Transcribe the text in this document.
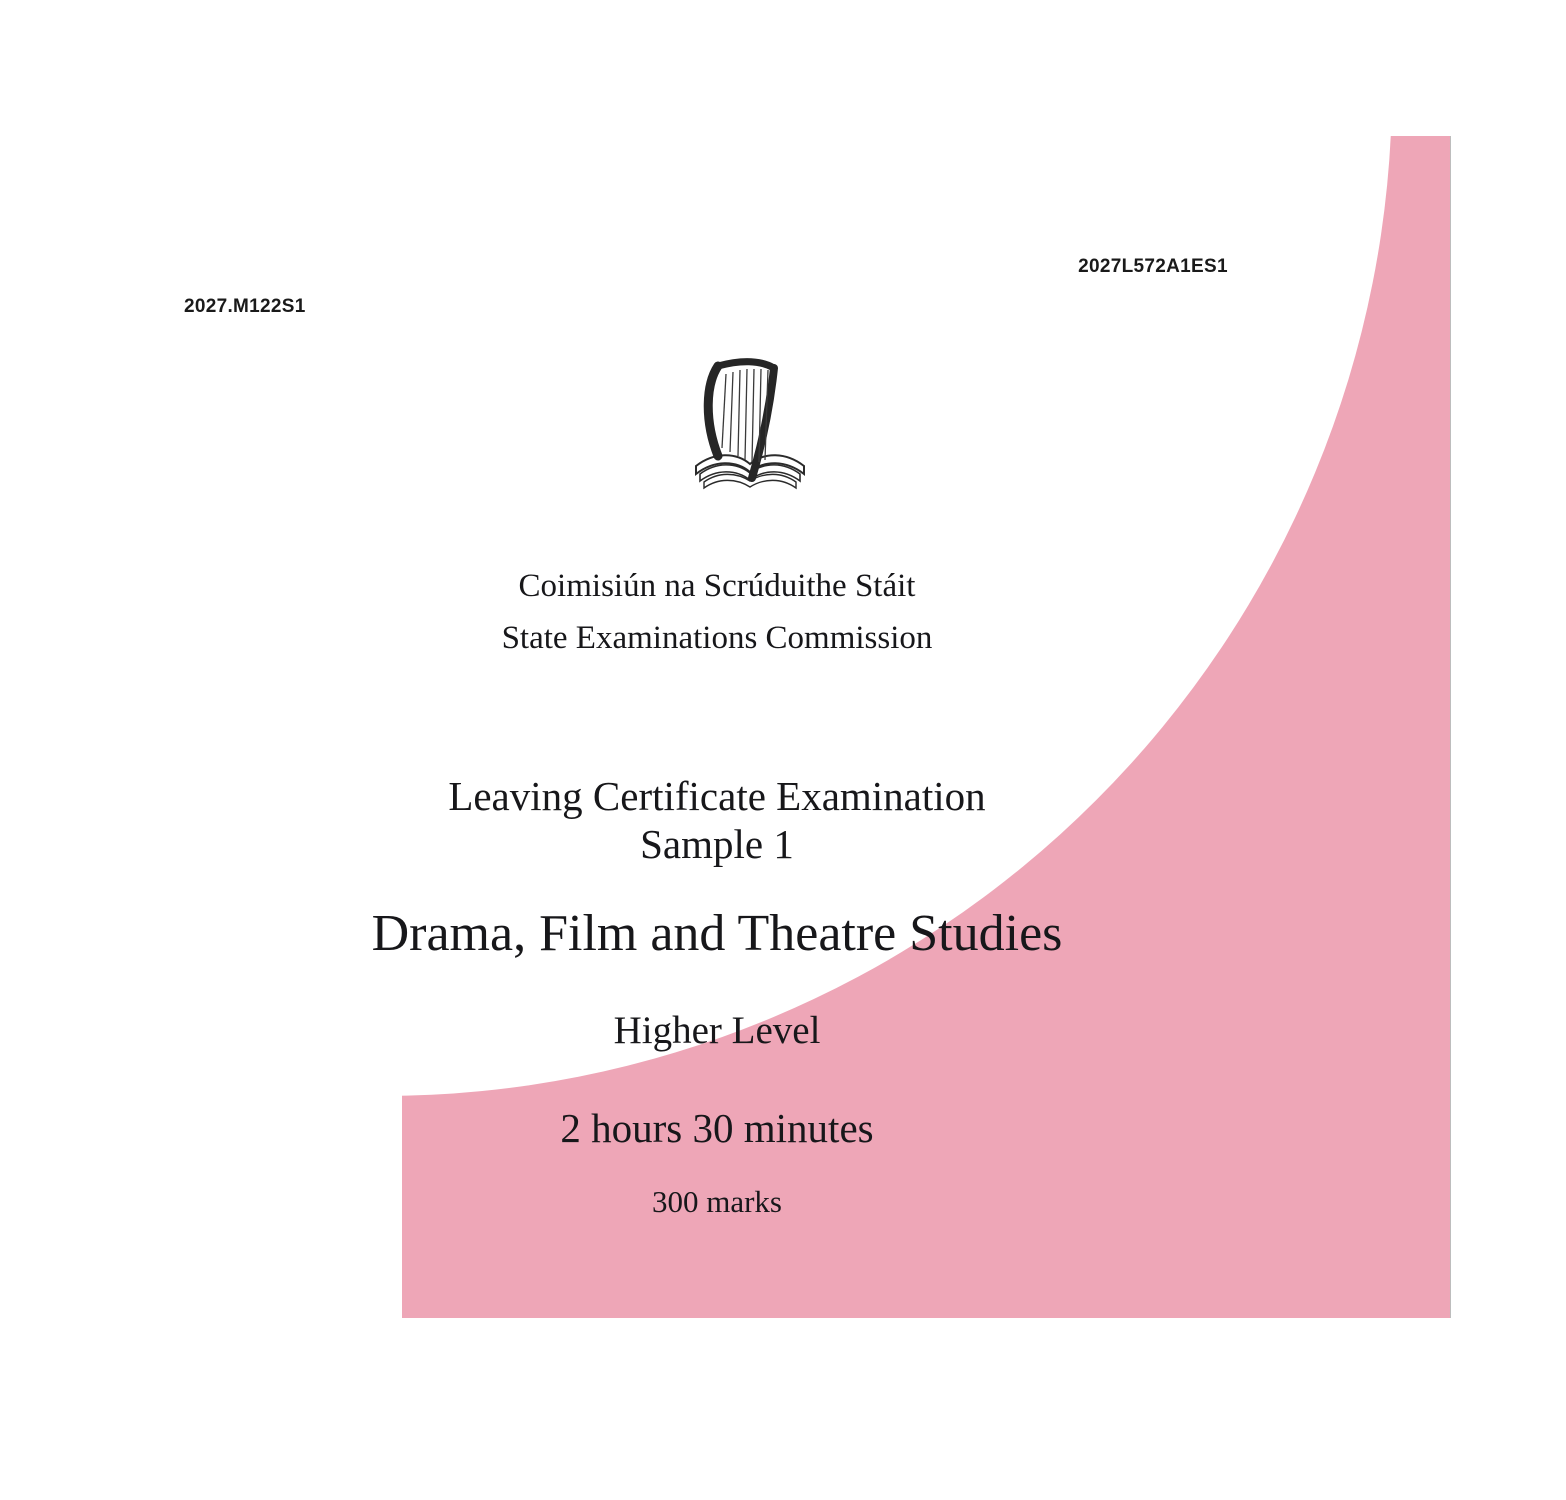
2027.M122S1
2027L572A1ES1
Coimisiún na Scrúduithe Stáit
State Examinations Commission
Leaving Certificate Examination
Sample 1
Drama, Film and Theatre Studies
Higher Level
2 hours 30 minutes
300 marks
